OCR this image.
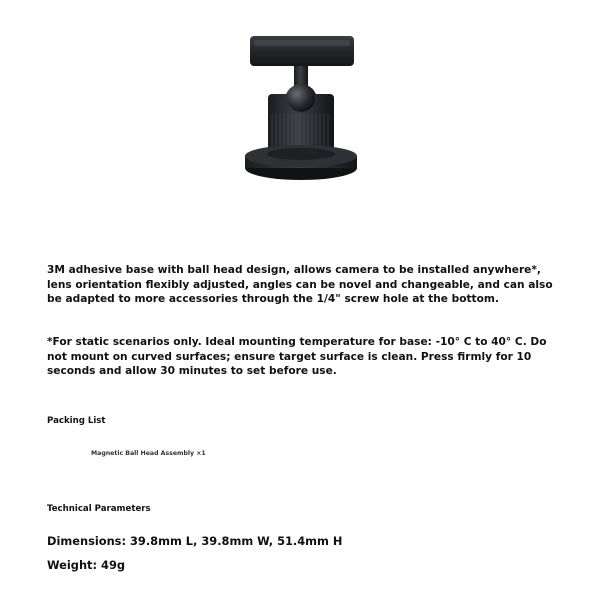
3M adhesive base with ball head design, allows camera to be installed anywhere*, lens orientation flexibly adjusted, angles can be novel and changeable, and can also be adapted to more accessories through the 1/4" screw hole at the bottom.

*For static scenarios only. Ideal mounting temperature for base: -10° C to 40° C. Do not mount on curved surfaces; ensure target surface is clean. Press firmly for 10 seconds and allow 30 minutes to set before use.

Packing List
Magnetic Ball Head Assembly ×1
Technical Parameters
Dimensions: 39.8mm L, 39.8mm W, 51.4mm H
Weight: 49g
